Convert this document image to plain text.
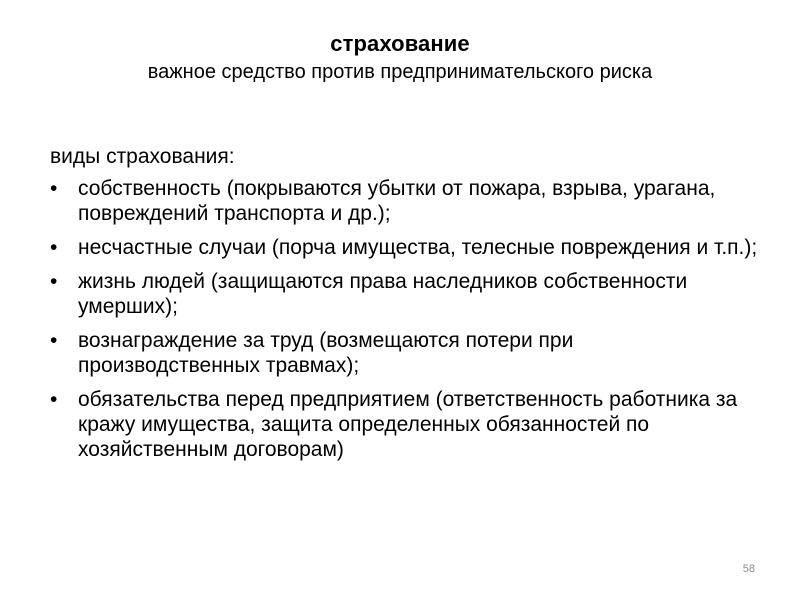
страхование

важное средство против предпринимательского риска

виды страхования:

• собственность (покрываются убытки от пожара, взрыва, урагана, повреждений транспорта и др.);
• несчастные случаи (порча имущества, телесные повреждения и т.п.);
• жизнь людей (защищаются права наследников собственности умерших);
• вознаграждение за труд (возмещаются потери при производственных травмах);
• обязательства перед предприятием (ответственность работника за кражу имущества, защита определенных обязанностей по хозяйственным договорам)
58
